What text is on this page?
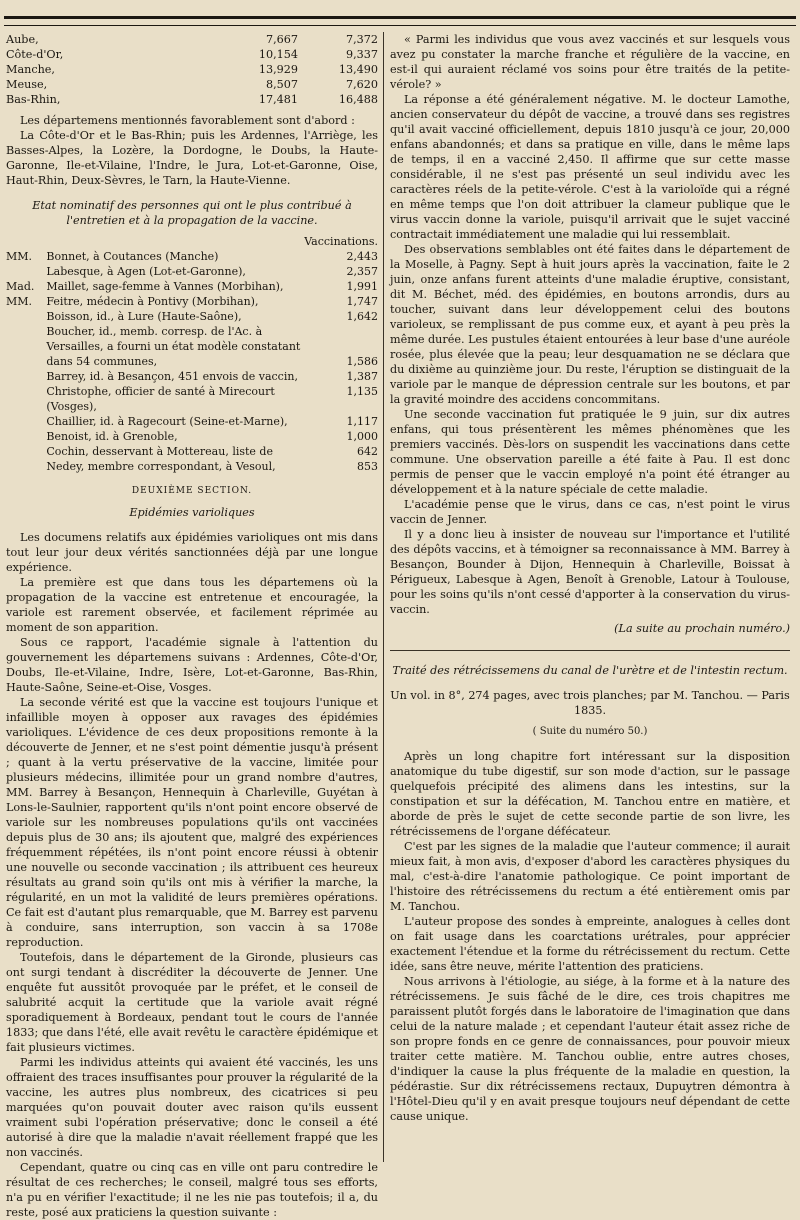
Aube,	7,667	7,372
Côte-d'Or,	10,154	9,337
Manche,	13,929	13,490
Meuse,	8,507	7,620
Bas-Rhin,	17,481	16,488

Les départemens mentionnés favorablement sont d'abord :

La Côte-d'Or et le Bas-Rhin; puis les Ardennes, l'Arriège, les Basses-Alpes, la Lozère, la Dordogne, le Doubs, la Haute-Garonne, Ile-et-Vilaine, l'Indre, le Jura, Lot-et-Garonne, Oise, Haut-Rhin, Deux-Sèvres, le Tarn, la Haute-Vienne.

Etat nominatif des personnes qui ont le plus contribué à l'entretien et à la propagation de la vaccine.

		Vaccinations.
MM.	Bonnet, à Coutances (Manche)	2,443
	Labesque, à Agen (Lot-et-Garonne),	2,357
Mad.	Maillet, sage-femme à Vannes (Morbihan),	1,991
MM.	Feitre, médecin à Pontivy (Morbihan),	1,747
	Boisson, id., à Lure (Haute-Saône),	1,642
	Boucher, id., memb. corresp. de l'Ac. à Versailles, a fourni un état modèle constatant dans 54 communes,	1,586
	Barrey, id. à Besançon, 451 envois de vaccin,	1,387
	Christophe, officier de santé à Mirecourt (Vosges),	1,135
	Chaillier, id. à Ragecourt (Seine-et-Marne),	1,117
	Benoist, id. à Grenoble,	1,000
	Cochin, desservant à Mottereau, liste de	642
	Nedey, membre correspondant, à Vesoul,	853
DEUXIÈME SECTION.

Epidémies varioliques

Les documens relatifs aux épidémies varioliques ont mis dans tout leur jour deux vérités sanctionnées déjà par une longue expérience.

La première est que dans tous les départemens où la propagation de la vaccine est entretenue et encouragée, la variole est rarement observée, et facilement réprimée au moment de son apparition.

Sous ce rapport, l'académie signale à l'attention du gouvernement les départemens suivans : Ardennes, Côte-d'Or, Doubs, Ile-et-Vilaine, Indre, Isère, Lot-et-Garonne, Bas-Rhin, Haute-Saône, Seine-et-Oise, Vosges.

La seconde vérité est que la vaccine est toujours l'unique et infaillible moyen à opposer aux ravages des épidémies varioliques. L'évidence de ces deux propositions remonte à la découverte de Jenner, et ne s'est point démentie jusqu'à présent ; quant à la vertu préservative de la vaccine, limitée pour plusieurs médecins, illimitée pour un grand nombre d'autres, MM. Barrey à Besançon, Hennequin à Charleville, Guyétan à Lons-le-Saulnier, rapportent qu'ils n'ont point encore observé de variole sur les nombreuses populations qu'ils ont vaccinées depuis plus de 30 ans; ils ajoutent que, malgré des expériences fréquemment répétées, ils n'ont point encore réussi à obtenir une nouvelle ou seconde vaccination ; ils attribuent ces heureux résultats au grand soin qu'ils ont mis à vérifier la marche, la régularité, en un mot la validité de leurs premières opérations. Ce fait est d'autant plus remarquable, que M. Barrey est parvenu à conduire, sans interruption, son vaccin à sa 1708e reproduction.

Toutefois, dans le département de la Gironde, plusieurs cas ont surgi tendant à discréditer la découverte de Jenner. Une enquête fut aussitôt provoquée par le préfet, et le conseil de salubrité acquit la certitude que la variole avait régné sporadiquement à Bordeaux, pendant tout le cours de l'année 1833; que dans l'été, elle avait revêtu le caractère épidémique et fait plusieurs victimes.

Parmi les individus atteints qui avaient été vaccinés, les uns offraient des traces insuffisantes pour prouver la régularité de la vaccine, les autres plus nombreux, des cicatrices si peu marquées qu'on pouvait douter avec raison qu'ils eussent vraiment subi l'opération préservative; donc le conseil a été autorisé à dire que la maladie n'avait réellement frappé que les non vaccinés.

Cependant, quatre ou cinq cas en ville ont paru contredire le résultat de ces recherches; le conseil, malgré tous ses efforts, n'a pu en vérifier l'exactitude; il ne les nie pas toutefois; il a, du reste, posé aux praticiens la question suivante :

« Parmi les individus que vous avez vaccinés et sur lesquels vous avez pu constater la marche franche et régulière de la vaccine, en est-il qui auraient réclamé vos soins pour être traités de la petite-vérole? »

La réponse a été généralement négative. M. le docteur Lamothe, ancien conservateur du dépôt de vaccine, a trouvé dans ses registres qu'il avait vacciné officiellement, depuis 1810 jusqu'à ce jour, 20,000 enfans abandonnés; et dans sa pratique en ville, dans le même laps de temps, il en a vacciné 2,450. Il affirme que sur cette masse considérable, il ne s'est pas présenté un seul individu avec les caractères réels de la petite-vérole. C'est à la varioloïde qui a régné en même temps que l'on doit attribuer la clameur publique que le virus vaccin donne la variole, puisqu'il arrivait que le sujet vacciné contractait immédiatement une maladie qui lui ressemblait.

Des observations semblables ont été faites dans le département de la Moselle, à Pagny. Sept à huit jours après la vaccination, faite le 2 juin, onze anfans furent atteints d'une maladie éruptive, consistant, dit M. Béchet, méd. des épidémies, en boutons arrondis, durs au toucher, suivant dans leur développement celui des boutons varioleux, se remplissant de pus comme eux, et ayant à peu près la même durée. Les pustules étaient entourées à leur base d'une auréole rosée, plus élevée que la peau; leur desquamation ne se déclara que du dixième au quinzième jour. Du reste, l'éruption se distinguait de la variole par le manque de dépression centrale sur les boutons, et par la gravité moindre des accidens concommitans.

Une seconde vaccination fut pratiquée le 9 juin, sur dix autres enfans, qui tous présentèrent les mêmes phénomènes que les premiers vaccinés. Dès-lors on suspendit les vaccinations dans cette commune. Une observation pareille a été faite à Pau. Il est donc permis de penser que le vaccin employé n'a point été étranger au développement et à la nature spéciale de cette maladie.

L'académie pense que le virus, dans ce cas, n'est point le virus vaccin de Jenner.

Il y a donc lieu à insister de nouveau sur l'importance et l'utilité des dépôts vaccins, et à témoigner sa reconnaissance à MM. Barrey à Besançon, Bounder à Dijon, Hennequin à Charleville, Boissat à Périgueux, Labesque à Agen, Benoît à Grenoble, Latour à Toulouse, pour les soins qu'ils n'ont cessé d'apporter à la conservation du virus-vaccin.

(La suite au prochain numéro.)

Traité des rétrécissemens du canal de l'urètre et de l'intestin rectum.

Un vol. in 8°, 274 pages, avec trois planches; par M. Tanchou. — Paris 1835.

( Suite du numéro 50.)

Après un long chapitre fort intéressant sur la disposition anatomique du tube digestif, sur son mode d'action, sur le passage quelquefois précipité des alimens dans les intestins, sur la constipation et sur la défécation, M. Tanchou entre en matière, et aborde de près le sujet de cette seconde partie de son livre, les rétrécissemens de l'organe défécateur.

C'est par les signes de la maladie que l'auteur commence; il aurait mieux fait, à mon avis, d'exposer d'abord les caractères physiques du mal, c'est-à-dire l'anatomie pathologique. Ce point important de l'histoire des rétrécissemens du rectum a été entièrement omis par M. Tanchou.

L'auteur propose des sondes à empreinte, analogues à celles dont on fait usage dans les coarctations urétrales, pour apprécier exactement l'étendue et la forme du rétrécissement du rectum. Cette idée, sans être neuve, mérite l'attention des praticiens.

Nous arrivons à l'étiologie, au siége, à la forme et à la nature des rétrécissemens. Je suis fâché de le dire, ces trois chapitres me paraissent plutôt forgés dans le laboratoire de l'imagination que dans celui de la nature malade ; et cependant l'auteur était assez riche de son propre fonds en ce genre de connaissances, pour pouvoir mieux traiter cette matière. M. Tanchou oublie, entre autres choses, d'indiquer la cause la plus fréquente de la maladie en question, la pédérastie. Sur dix rétrécissemens rectaux, Dupuytren démontra à l'Hôtel-Dieu qu'il y en avait presque toujours neuf dépendant de cette cause unique.
